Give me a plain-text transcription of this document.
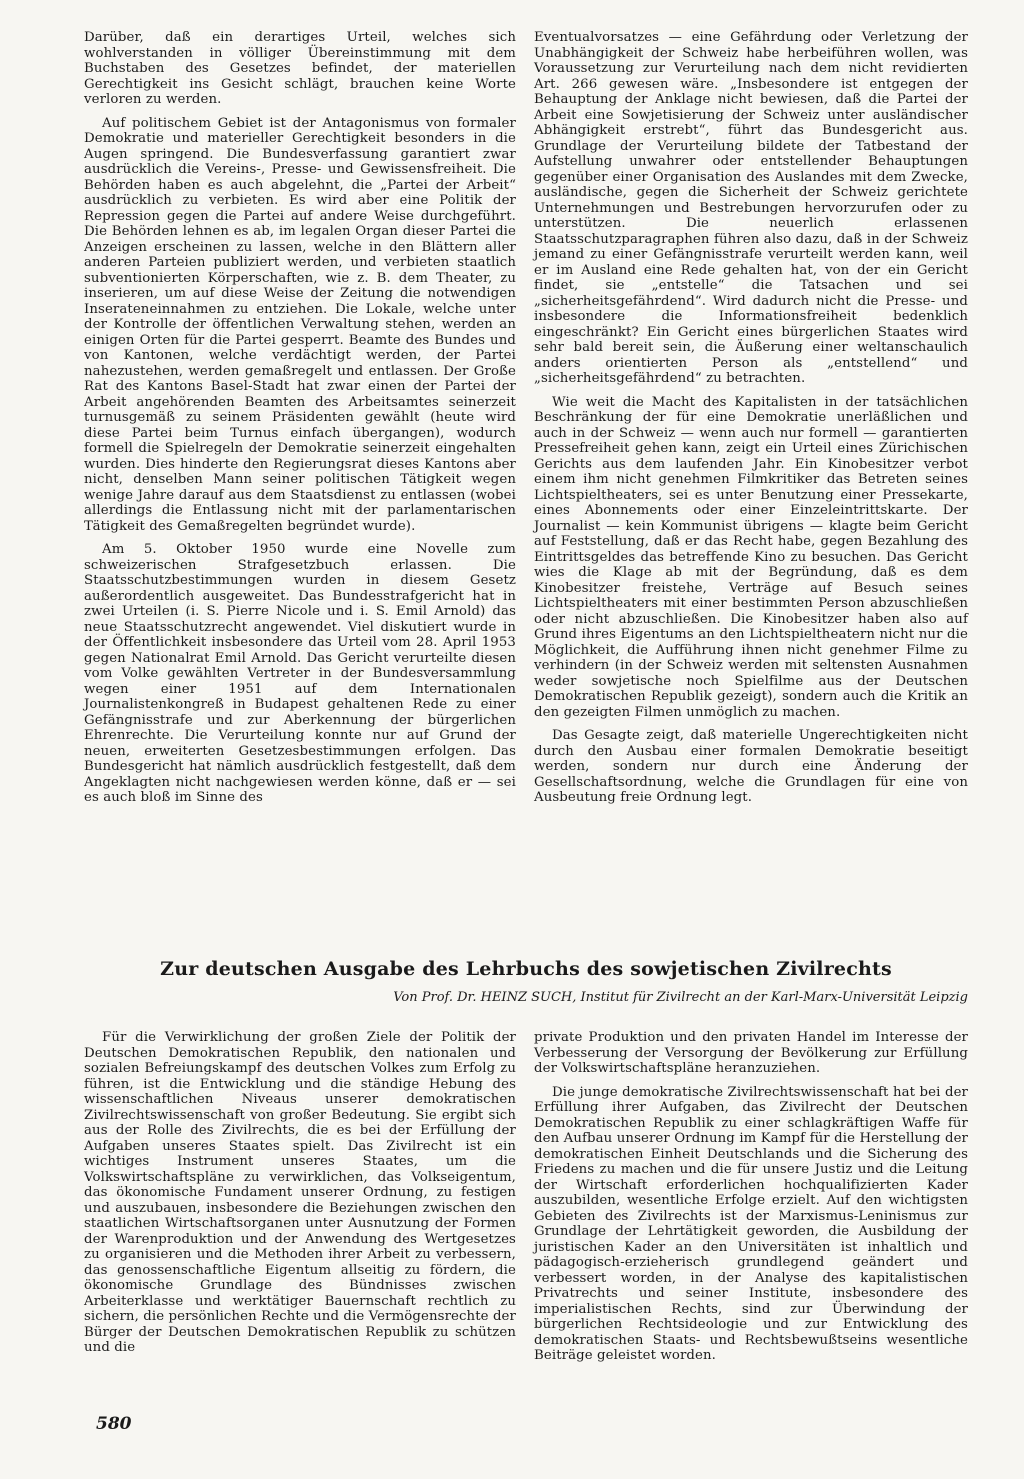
Darüber, daß ein derartiges Urteil, welches sich wohlverstanden in völliger Übereinstimmung mit dem Buchstaben des Gesetzes befindet, der materiellen Gerechtigkeit ins Gesicht schlägt, brauchen keine Worte verloren zu werden.

Auf politischem Gebiet ist der Antagonismus von formaler Demokratie und materieller Gerechtigkeit besonders in die Augen springend. Die Bundesverfassung garantiert zwar ausdrücklich die Vereins-, Presse- und Gewissensfreiheit. Die Behörden haben es auch abgelehnt, die „Partei der Arbeit“ ausdrücklich zu verbieten. Es wird aber eine Politik der Repression gegen die Partei auf andere Weise durchgeführt. Die Behörden lehnen es ab, im legalen Organ dieser Partei die Anzeigen erscheinen zu lassen, welche in den Blättern aller anderen Parteien publiziert werden, und verbieten staatlich subventionierten Körperschaften, wie z. B. dem Theater, zu inserieren, um auf diese Weise der Zeitung die notwendigen Inserateneinnahmen zu entziehen. Die Lokale, welche unter der Kontrolle der öffentlichen Verwaltung stehen, werden an einigen Orten für die Partei gesperrt. Beamte des Bundes und von Kantonen, welche verdächtigt werden, der Partei nahezustehen, werden gemaßregelt und entlassen. Der Große Rat des Kantons Basel-Stadt hat zwar einen der Partei der Arbeit angehörenden Beamten des Arbeitsamtes seinerzeit turnusgemäß zu seinem Präsidenten gewählt (heute wird diese Partei beim Turnus einfach übergangen), wodurch formell die Spielregeln der Demokratie seinerzeit eingehalten wurden. Dies hinderte den Regierungsrat dieses Kantons aber nicht, denselben Mann seiner politischen Tätigkeit wegen wenige Jahre darauf aus dem Staatsdienst zu entlassen (wobei allerdings die Entlassung nicht mit der parlamentarischen Tätigkeit des Gemaßregelten begründet wurde).

Am 5. Oktober 1950 wurde eine Novelle zum schweizerischen Strafgesetzbuch erlassen. Die Staatsschutzbestimmungen wurden in diesem Gesetz außerordentlich ausgeweitet. Das Bundesstrafgericht hat in zwei Urteilen (i. S. Pierre Nicole und i. S. Emil Arnold) das neue Staatsschutzrecht angewendet. Viel diskutiert wurde in der Öffentlichkeit insbesondere das Urteil vom 28. April 1953 gegen Nationalrat Emil Arnold. Das Gericht verurteilte diesen vom Volke gewählten Vertreter in der Bundesversammlung wegen einer 1951 auf dem Internationalen Journalistenkongreß in Budapest gehaltenen Rede zu einer Gefängnisstrafe und zur Aberkennung der bürgerlichen Ehrenrechte. Die Verurteilung konnte nur auf Grund der neuen, erweiterten Gesetzesbestimmungen erfolgen. Das Bundesgericht hat nämlich ausdrücklich festgestellt, daß dem Angeklagten nicht nachgewiesen werden könne, daß er — sei es auch bloß im Sinne des

Eventualvorsatzes — eine Gefährdung oder Verletzung der Unabhängigkeit der Schweiz habe herbeiführen wollen, was Voraussetzung zur Verurteilung nach dem nicht revidierten Art. 266 gewesen wäre. „Insbesondere ist entgegen der Behauptung der Anklage nicht bewiesen, daß die Partei der Arbeit eine Sowjetisierung der Schweiz unter ausländischer Abhängigkeit erstrebt“, führt das Bundesgericht aus. Grundlage der Verurteilung bildete der Tatbestand der Aufstellung unwahrer oder entstellender Behauptungen gegenüber einer Organisation des Auslandes mit dem Zwecke, ausländische, gegen die Sicherheit der Schweiz gerichtete Unternehmungen und Bestrebungen hervorzurufen oder zu unterstützen. Die neuerlich erlassenen Staatsschutzparagraphen führen also dazu, daß in der Schweiz jemand zu einer Gefängnisstrafe verurteilt werden kann, weil er im Ausland eine Rede gehalten hat, von der ein Gericht findet, sie „entstelle“ die Tatsachen und sei „sicherheitsgefährdend“. Wird dadurch nicht die Presse- und insbesondere die Informationsfreiheit bedenklich eingeschränkt? Ein Gericht eines bürgerlichen Staates wird sehr bald bereit sein, die Äußerung einer weltanschaulich anders orientierten Person als „entstellend“ und „sicherheitsgefährdend“ zu betrachten.

Wie weit die Macht des Kapitalisten in der tatsächlichen Beschränkung der für eine Demokratie unerläßlichen und auch in der Schweiz — wenn auch nur formell — garantierten Pressefreiheit gehen kann, zeigt ein Urteil eines Zürichischen Gerichts aus dem laufenden Jahr. Ein Kinobesitzer verbot einem ihm nicht genehmen Filmkritiker das Betreten seines Lichtspieltheaters, sei es unter Benutzung einer Pressekarte, eines Abonnements oder einer Einzeleintrittskarte. Der Journalist — kein Kommunist übrigens — klagte beim Gericht auf Feststellung, daß er das Recht habe, gegen Bezahlung des Eintrittsgeldes das betreffende Kino zu besuchen. Das Gericht wies die Klage ab mit der Begründung, daß es dem Kinobesitzer freistehe, Verträge auf Besuch seines Lichtspieltheaters mit einer bestimmten Person abzuschließen oder nicht abzuschließen. Die Kinobesitzer haben also auf Grund ihres Eigentums an den Lichtspieltheatern nicht nur die Möglichkeit, die Aufführung ihnen nicht genehmer Filme zu verhindern (in der Schweiz werden mit seltensten Ausnahmen weder sowjetische noch Spielfilme aus der Deutschen Demokratischen Republik gezeigt), sondern auch die Kritik an den gezeigten Filmen unmöglich zu machen.

Das Gesagte zeigt, daß materielle Ungerechtigkeiten nicht durch den Ausbau einer formalen Demokratie beseitigt werden, sondern nur durch eine Änderung der Gesellschaftsordnung, welche die Grundlagen für eine von Ausbeutung freie Ordnung legt.

Zur deutschen Ausgabe des Lehrbuchs des sowjetischen Zivilrechts

Von Prof. Dr. HEINZ SUCH, Institut für Zivilrecht an der Karl-Marx-Universität Leipzig

Für die Verwirklichung der großen Ziele der Politik der Deutschen Demokratischen Republik, den nationalen und sozialen Befreiungskampf des deutschen Volkes zum Erfolg zu führen, ist die Entwicklung und die ständige Hebung des wissenschaftlichen Niveaus unserer demokratischen Zivilrechtswissenschaft von großer Bedeutung. Sie ergibt sich aus der Rolle des Zivilrechts, die es bei der Erfüllung der Aufgaben unseres Staates spielt. Das Zivilrecht ist ein wichtiges Instrument unseres Staates, um die Volkswirtschaftspläne zu verwirklichen, das Volkseigentum, das ökonomische Fundament unserer Ordnung, zu festigen und auszubauen, insbesondere die Beziehungen zwischen den staatlichen Wirtschaftsorganen unter Ausnutzung der Formen der Warenproduktion und der Anwendung des Wertgesetzes zu organisieren und die Methoden ihrer Arbeit zu verbessern, das genossenschaftliche Eigentum allseitig zu fördern, die ökonomische Grundlage des Bündnisses zwischen Arbeiterklasse und werktätiger Bauernschaft rechtlich zu sichern, die persönlichen Rechte und die Vermögensrechte der Bürger der Deutschen Demokratischen Republik zu schützen und die

private Produktion und den privaten Handel im Interesse der Verbesserung der Versorgung der Bevölkerung zur Erfüllung der Volkswirtschaftspläne heranzuziehen.

Die junge demokratische Zivilrechtswissenschaft hat bei der Erfüllung ihrer Aufgaben, das Zivilrecht der Deutschen Demokratischen Republik zu einer schlagkräftigen Waffe für den Aufbau unserer Ordnung im Kampf für die Herstellung der demokratischen Einheit Deutschlands und die Sicherung des Friedens zu machen und die für unsere Justiz und die Leitung der Wirtschaft erforderlichen hochqualifizierten Kader auszubilden, wesentliche Erfolge erzielt. Auf den wichtigsten Gebieten des Zivilrechts ist der Marxismus-Leninismus zur Grundlage der Lehrtätigkeit geworden, die Ausbildung der juristischen Kader an den Universitäten ist inhaltlich und pädagogisch-erzieherisch grundlegend geändert und verbessert worden, in der Analyse des kapitalistischen Privatrechts und seiner Institute, insbesondere des imperialistischen Rechts, sind zur Überwindung der bürgerlichen Rechtsideologie und zur Entwicklung des demokratischen Staats- und Rechtsbewußtseins wesentliche Beiträge geleistet worden.

580
